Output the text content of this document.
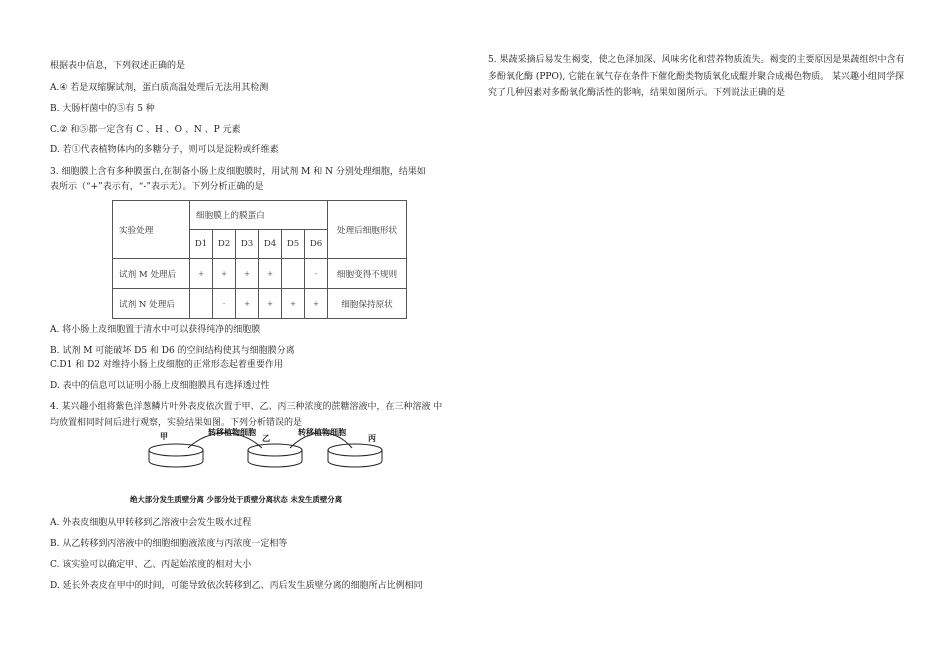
根据表中信息，下列叙述正确的是
A.④ 若是双缩脲试剂，蛋白质高温处理后无法用其检测
B. 大肠杆菌中的⑤有 5 种
C.② 和⑤都一定含有 C 、H 、O 、N 、P 元素
D. 若①代表植物体内的多糖分子，则可以是淀粉或纤维素
3. 细胞膜上含有多种膜蛋白,在制备小肠上皮细胞膜时，用试剂 M 和 N 分别处理细胞，结果如
表所示（“+”表示有，“-”表示无）。下列分析正确的是
实验处理	细胞膜上的膜蛋白						处理后细胞形状
	D1	D2	D3	D4	D5	D6	
试剂 M 处理后	+	+	+	+		-	细胞变得不规则
试剂 N 处理后		-	+	+	+	+	细胞保持原状
A. 将小肠上皮细胞置于清水中可以获得纯净的细胞膜
B. 试剂 M 可能破坏 D5 和 D6 的空间结构使其与细胞膜分离
C.D1 和 D2 对维持小肠上皮细胞的正常形态起着重要作用
D. 表中的信息可以证明小肠上皮细胞膜具有选择透过性
4. 某兴趣小组将紫色洋葱鳞片叶外表皮依次置于甲、乙、丙三种浓度的蔗糖溶液中，在三种溶液 中
均放置相同时间后进行观察，实验结果如图。下列分析错误的是
甲	转移植物细胞
乙
转移植物细胞
丙
绝大部分发生质壁分离 少部分处于质壁分离状态 未发生质壁分离
A. 外表皮细胞从甲转移到乙溶液中会发生吸水过程
B. 从乙转移到丙溶液中的细胞细胞液浓度与丙浓度一定相等
C. 该实验可以确定甲、乙、丙起始浓度的相对大小
D. 延长外表皮在甲中的时间，可能导致依次转移到乙、丙后发生质壁分离的细胞所占比例相同
5. 果蔬采摘后易发生褐变，使之色泽加深、风味劣化和营养物质流失。褐变的主要原因是果蔬组织中含有多酚氧化酶 (PPO), 它能在氧气存在条件下催化酚类物质氧化成醌并聚合成褐色物质。 某兴趣小组同学探究了几种因素对多酚氧化酶活性的影响，结果如图所示。下列说法正确的是
